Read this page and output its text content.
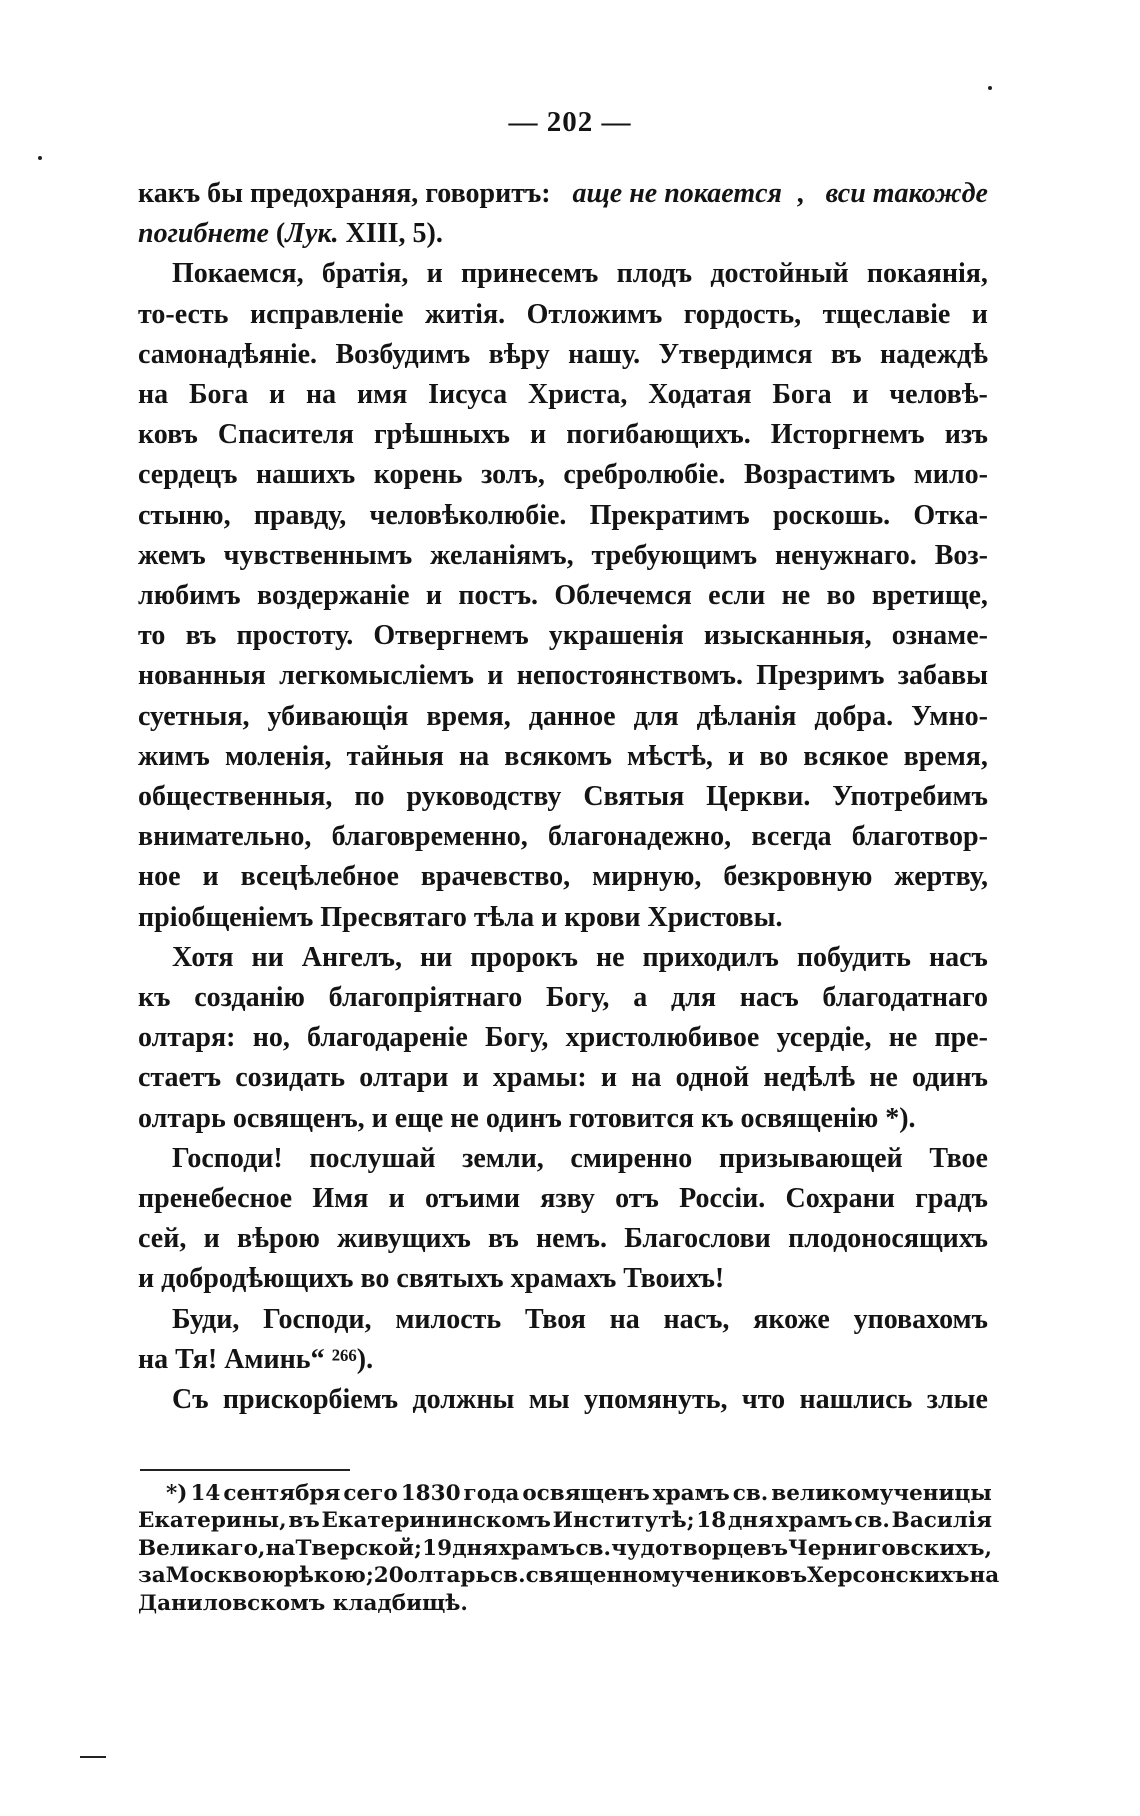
— 202 —
какъ бы предохраняя, говоритъ: аще не покается , вси такожде
погибнете ( Лук. XIII, 5).
Покаемся, братія, и принесемъ плодъ достойный покаянія,
то-есть исправленіе житія. Отложимъ гордость, тщеславіе и
самонадѣяніе. Возбудимъ вѣру нашу. Утвердимся въ надеждѣ
на Бога и на имя Іисуса Христа, Ходатая Бога и человѣ-
ковъ Спасителя грѣшныхъ и погибающихъ. Исторгнемъ изъ
сердецъ нашихъ корень золъ, сребролюбіе. Возрастимъ мило-
стыню, правду, человѣколюбіе. Прекратимъ роскошь. Отка-
жемъ чувственнымъ желаніямъ, требующимъ ненужнаго. Воз-
любимъ воздержаніе и постъ. Облечемся если не во вретище,
то въ простоту. Отвергнемъ украшенія изысканныя, ознаме-
нованныя легкомысліемъ и непостоянствомъ. Презримъ забавы
суетныя, убивающія время, данное для дѣланія добра. Умно-
жимъ моленія, тайныя на всякомъ мѣстѣ, и во всякое время,
общественныя, по руководству Святыя Церкви. Употребимъ
внимательно, благовременно, благонадежно, всегда благотвор-
ное и всецѣлебное врачевство, мирную, безкровную жертву,
пріобщеніемъ Пресвятаго тѣла и крови Христовы.
Хотя ни Ангелъ, ни пророкъ не приходилъ побудить насъ
къ созданію благопріятнаго Богу, а для насъ благодатнаго
олтаря: но, благодареніе Богу, христолюбивое усердіе, не пре-
стаетъ созидать олтари и храмы: и на одной недѣлѣ не одинъ
олтарь освященъ, и еще не одинъ готовится къ освященію *).
Господи! послушай земли, смиренно призывающей Твое
пренебесное Имя и отъими язву отъ Россіи. Сохрани градъ
сей, и вѣрою живущихъ въ немъ. Благослови плодоносящихъ
и добродѣющихъ во святыхъ храмахъ Твоихъ!
Буди, Господи, милость Твоя на насъ, якоже уповахомъ
на Тя! Аминь“ ²⁶⁶).
Съ прискорбіемъ должны мы упомянуть, что нашлись злые
*) 14 сентября сего 1830 года освященъ храмъ св. великомученицы
Екатерины, въ Екатерининскомъ Институтѣ; 18 дня храмъ св. Василія
Великаго, на Тверской; 19 дня храмъ св. чудотворцевъ Черниговскихъ,
за Москвою рѣкою; 20 олтарь св. священномучениковъ Херсонскихъ на
Даниловскомъ кладбищѣ.
